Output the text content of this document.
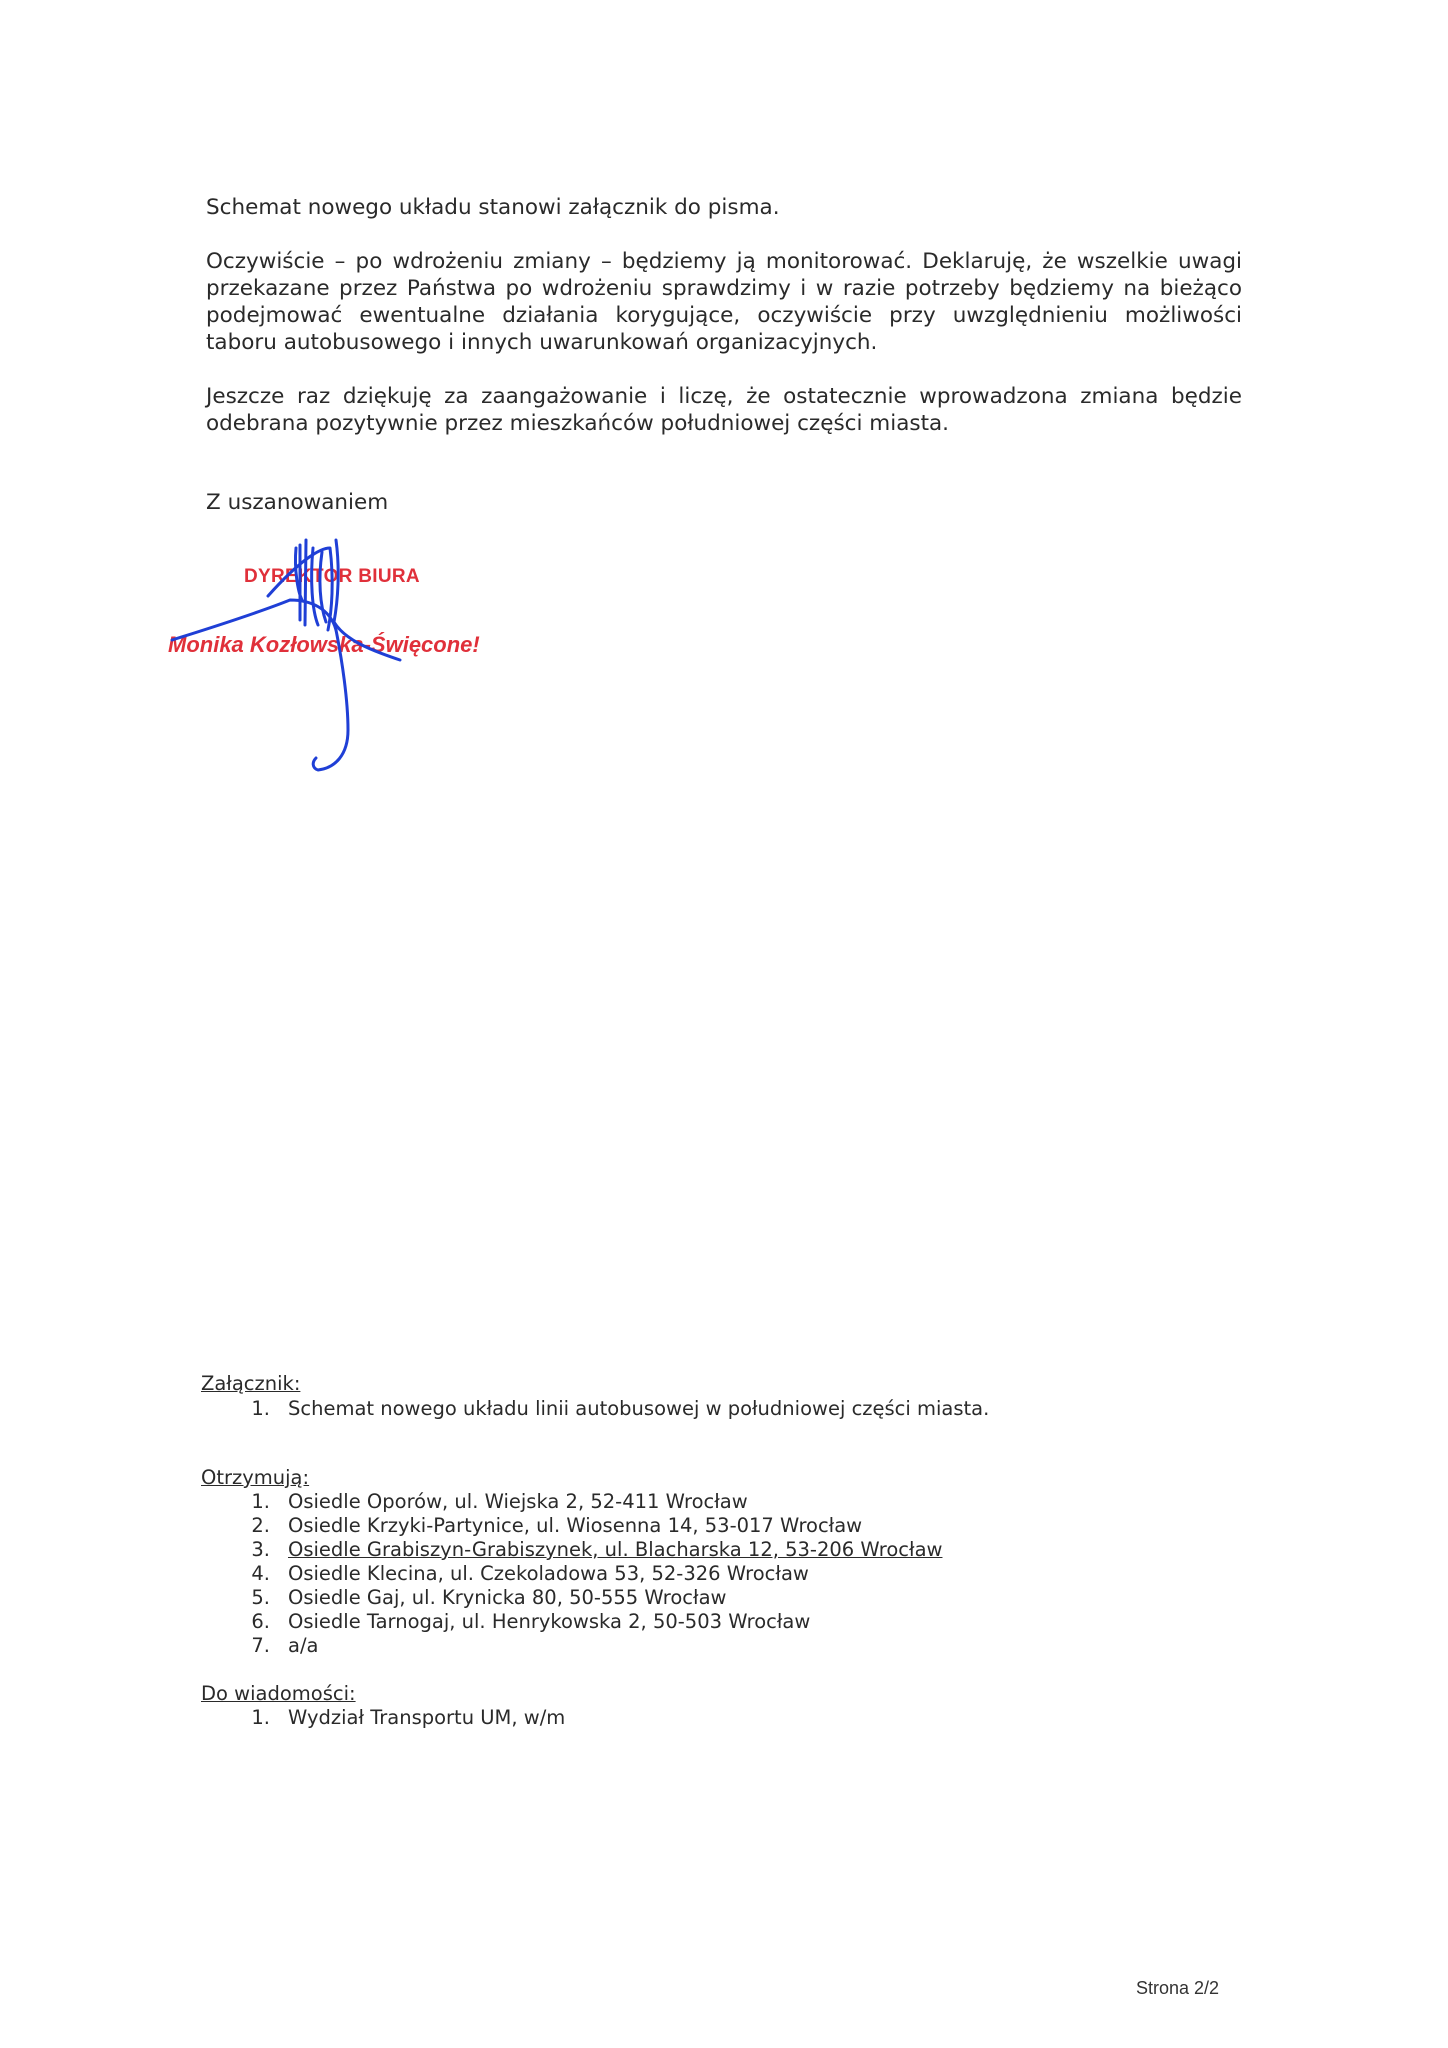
Schemat nowego układu stanowi załącznik do pisma.

Oczywiście – po wdrożeniu zmiany – będziemy ją monitorować. Deklaruję, że wszelkie uwagi przekazane przez Państwa po wdrożeniu sprawdzimy i w razie potrzeby będziemy na bieżąco podejmować ewentualne działania korygujące, oczywiście przy uwzględnieniu możliwości taboru autobusowego i innych uwarunkowań organizacyjnych.

Jeszcze raz dziękuję za zaangażowanie i liczę, że ostatecznie wprowadzona zmiana będzie odebrana pozytywnie przez mieszkańców południowej części miasta.

Z uszanowaniem

DYREKTOR BIURA
Monika Kozłowska-Święcone!
Załącznik:
1. Schemat nowego układu linii autobusowej w południowej części miasta.
Otrzymują:
1. Osiedle Oporów, ul. Wiejska 2, 52-411 Wrocław
2. Osiedle Krzyki-Partynice, ul. Wiosenna 14, 53-017 Wrocław
3. Osiedle Grabiszyn-Grabiszynek, ul. Blacharska 12, 53-206 Wrocław
4. Osiedle Klecina, ul. Czekoladowa 53, 52-326 Wrocław
5. Osiedle Gaj, ul. Krynicka 80, 50-555 Wrocław
6. Osiedle Tarnogaj, ul. Henrykowska 2, 50-503 Wrocław
7. a/a
Do wiadomości:
1. Wydział Transportu UM, w/m
Strona 2/2
